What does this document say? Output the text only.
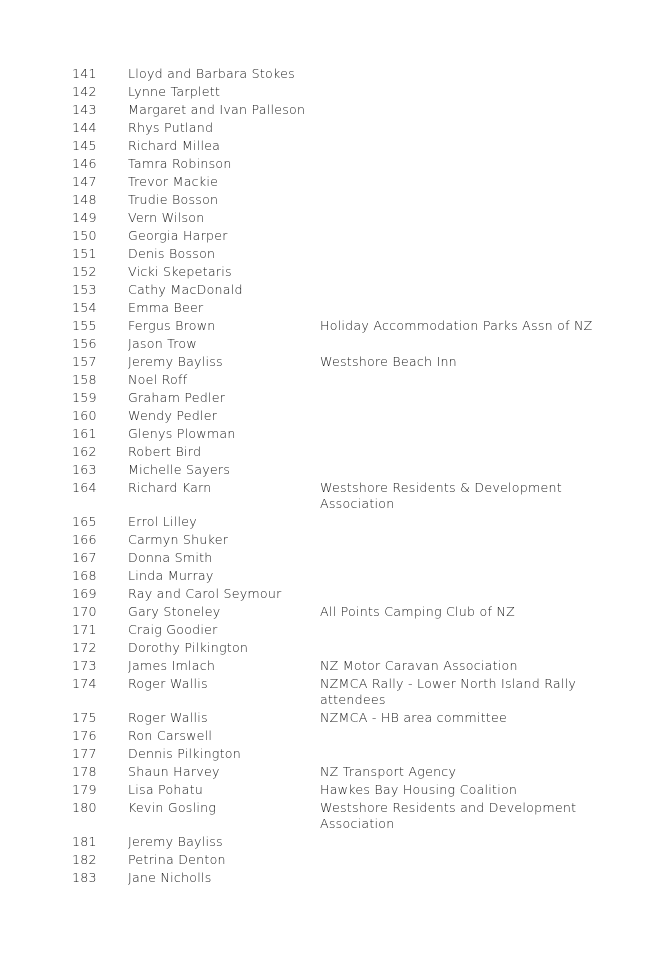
141	Lloyd and Barbara Stokes
142	Lynne Tarplett
143	Margaret and Ivan Palleson
144	Rhys Putland
145	Richard Millea
146	Tamra Robinson
147	Trevor Mackie
148	Trudie Bosson
149	Vern Wilson
150	Georgia Harper
151	Denis Bosson
152	Vicki Skepetaris
153	Cathy MacDonald
154	Emma Beer
155	Fergus Brown	Holiday Accommodation Parks Assn of NZ
156	Jason Trow
157	Jeremy Bayliss	Westshore Beach Inn
158	Noel Roff
159	Graham Pedler
160	Wendy Pedler
161	Glenys Plowman
162	Robert Bird
163	Michelle Sayers
164	Richard Karn	Westshore Residents & Development Association
165	Errol Lilley
166	Carmyn Shuker
167	Donna Smith
168	Linda Murray
169	Ray and Carol Seymour
170	Gary Stoneley	All Points Camping Club of NZ
171	Craig Goodier
172	Dorothy Pilkington
173	James Imlach	NZ Motor Caravan Association
174	Roger Wallis	NZMCA Rally - Lower North Island Rally attendees
175	Roger Wallis	NZMCA - HB area committee
176	Ron Carswell
177	Dennis Pilkington
178	Shaun Harvey	NZ Transport Agency
179	Lisa Pohatu	Hawkes Bay Housing Coalition
180	Kevin Gosling	Westshore Residents and Development Association
181	Jeremy Bayliss
182	Petrina Denton
183	Jane Nicholls
